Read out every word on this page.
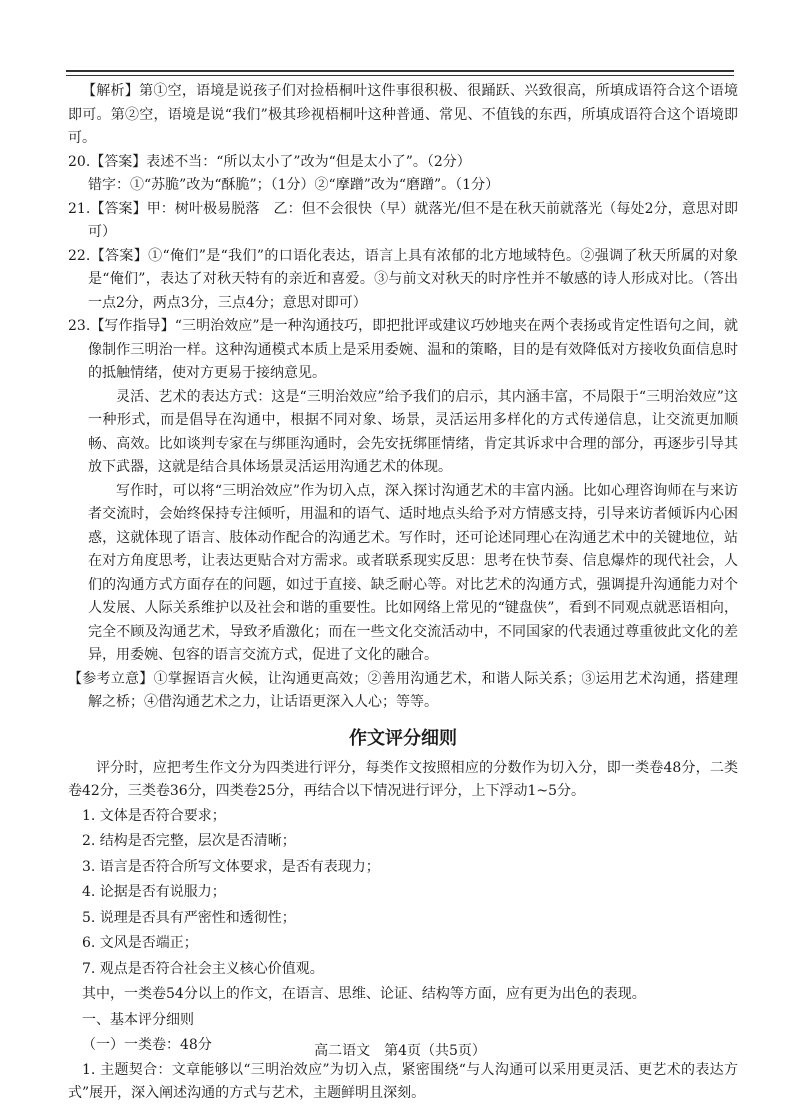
【解析】第①空，语境是说孩子们对捡梧桐叶这件事很积极、很踊跃、兴致很高，所填成语符合这个语境即可。第②空，语境是说“我们”极其珍视梧桐叶这种普通、常见、不值钱的东西，所填成语符合这个语境即可。

20.【答案】表述不当：“所以太小了”改为“但是太小了”。（2分）

错字：①“苏脆”改为“酥脆”；（1分）②“摩蹭”改为“磨蹭”。（1分）

21.【答案】甲：树叶极易脱落　乙：但不会很快（早）就落光/但不是在秋天前就落光（每处2分，意思对即可）

22.【答案】①“俺们”是“我们”的口语化表达，语言上具有浓郁的北方地域特色。②强调了秋天所属的对象是“俺们”，表达了对秋天特有的亲近和喜爱。③与前文对秋天的时序性并不敏感的诗人形成对比。（答出一点2分，两点3分，三点4分；意思对即可）

23.【写作指导】“三明治效应”是一种沟通技巧，即把批评或建议巧妙地夹在两个表扬或肯定性语句之间，就像制作三明治一样。这种沟通模式本质上是采用委婉、温和的策略，目的是有效降低对方接收负面信息时的抵触情绪，使对方更易于接纳意见。

灵活、艺术的表达方式：这是“三明治效应”给予我们的启示，其内涵丰富，不局限于“三明治效应”这一种形式，而是倡导在沟通中，根据不同对象、场景，灵活运用多样化的方式传递信息，让交流更加顺畅、高效。比如谈判专家在与绑匪沟通时，会先安抚绑匪情绪，肯定其诉求中合理的部分，再逐步引导其放下武器，这就是结合具体场景灵活运用沟通艺术的体现。

写作时，可以将“三明治效应”作为切入点，深入探讨沟通艺术的丰富内涵。比如心理咨询师在与来访者交流时，会始终保持专注倾听，用温和的语气、适时地点头给予对方情感支持，引导来访者倾诉内心困惑，这就体现了语言、肢体动作配合的沟通艺术。写作时，还可论述同理心在沟通艺术中的关键地位，站在对方角度思考，让表达更贴合对方需求。或者联系现实反思：思考在快节奏、信息爆炸的现代社会，人们的沟通方式方面存在的问题，如过于直接、缺乏耐心等。对比艺术的沟通方式，强调提升沟通能力对个人发展、人际关系维护以及社会和谐的重要性。比如网络上常见的“键盘侠”，看到不同观点就恶语相向，完全不顾及沟通艺术，导致矛盾激化；而在一些文化交流活动中，不同国家的代表通过尊重彼此文化的差异，用委婉、包容的语言交流方式，促进了文化的融合。

【参考立意】①掌握语言火候，让沟通更高效；②善用沟通艺术，和谐人际关系；③运用艺术沟通，搭建理解之桥；④借沟通艺术之力，让话语更深入人心；等等。

作文评分细则

评分时，应把考生作文分为四类进行评分，每类作文按照相应的分数作为切入分，即一类卷48分，二类卷42分，三类卷36分，四类卷25分，再结合以下情况进行评分，上下浮动1~5分。

1. 文体是否符合要求；

2. 结构是否完整，层次是否清晰；

3. 语言是否符合所写文体要求，是否有表现力；

4. 论据是否有说服力；

5. 说理是否具有严密性和透彻性；

6. 文风是否端正；

7. 观点是否符合社会主义核心价值观。

其中，一类卷54分以上的作文，在语言、思维、论证、结构等方面，应有更为出色的表现。

一、基本评分细则

（一）一类卷：48分

1. 主题契合：文章能够以“三明治效应”为切入点，紧密围绕“与人沟通可以采用更灵活、更艺术的表达方式”展开，深入阐述沟通的方式与艺术，主题鲜明且深刻。

高二语文　第4页（共5页）
